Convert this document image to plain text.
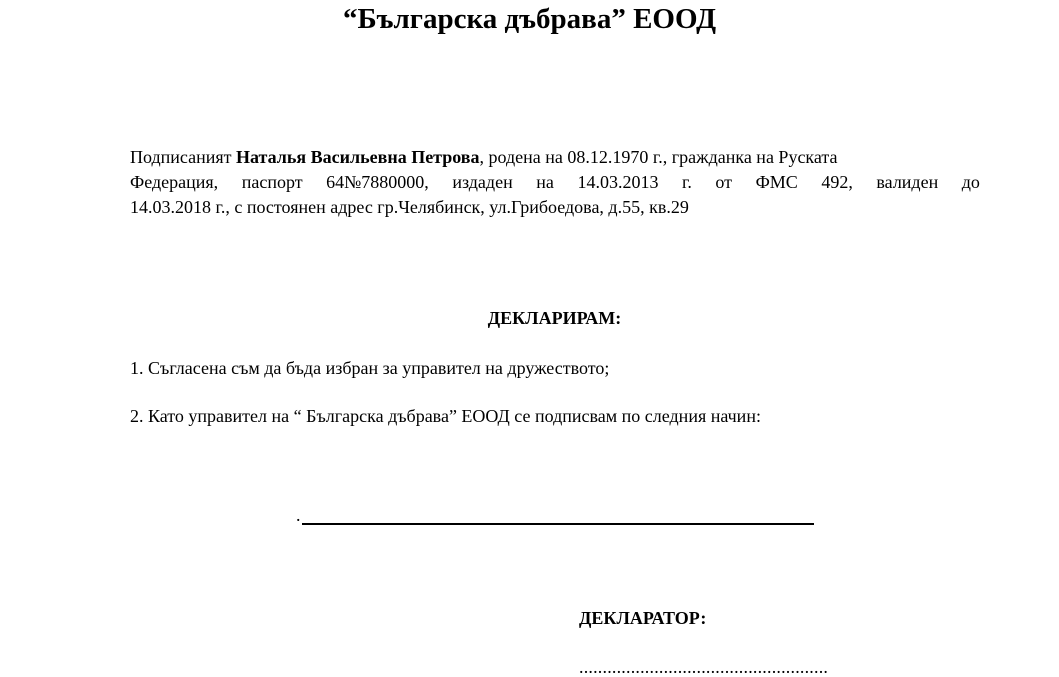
“Българска дъбрава” ЕООД
Подписаният Наталья Васильевна Петрова, родена на 08.12.1970 г., гражданка на Руската
Федерация, паспорт 64№7880000, издаден на 14.03.2013 г. от ФМС 492, валиден до
14.03.2018 г., с постоянен адрес гр.Челябинск, ул.Грибоедова, д.55, кв.29
ДЕКЛАРИРАМ:
1. Съгласена съм да бъда избран за управител на дружеството;
2. Като управител на “ Българска дъбрава” ЕООД се подписвам по следния начин:
.
ДЕКЛАРАТОР:
.....................................................
